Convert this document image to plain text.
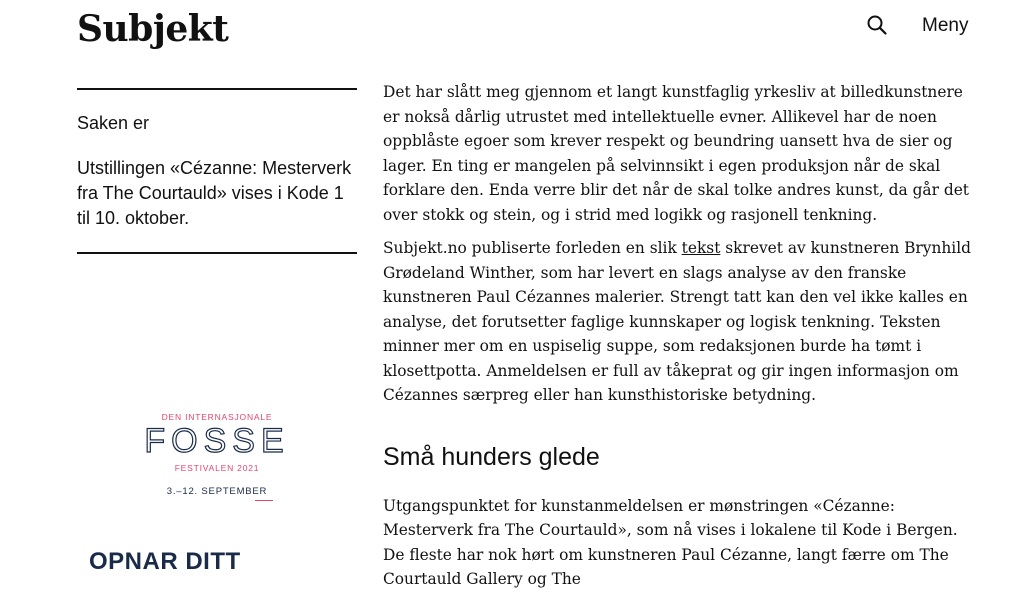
Subjekt	Meny
Saken er
Utstillingen «Cézanne: Mesterverk fra The Courtauld» vises i Kode 1 til 10. oktober.
DEN INTERNASJONALE
FOSSE
FESTIVALEN 2021
3.–12. SEPTEMBER
OPNAR DITT

Det har slått meg gjennom et langt kunstfaglig yrkesliv at billedkunstnere er nokså dårlig utrustet med intellektuelle evner. Allikevel har de noen oppblåste egoer som krever respekt og beundring uansett hva de sier og lager. En ting er mangelen på selvinnsikt i egen produksjon når de skal forklare den. Enda verre blir det når de skal tolke andres kunst, da går det over stokk og stein, og i strid med logikk og rasjonell tenkning.

Subjekt.no publiserte forleden en slik tekst skrevet av kunstneren Brynhild Grødeland Winther, som har levert en slags analyse av den franske kunstneren Paul Cézannes malerier. Strengt tatt kan den vel ikke kalles en analyse, det forutsetter faglige kunnskaper og logisk tenkning. Teksten minner mer om en uspiselig suppe, som redaksjonen burde ha tømt i klosettpotta. Anmeldelsen er full av tåkeprat og gir ingen informasjon om Cézannes særpreg eller han kunsthistoriske betydning.

Små hunders glede

Utgangspunktet for kunstanmeldelsen er mønstringen «Cézanne: Mesterverk fra The Courtauld», som nå vises i lokalene til Kode i Bergen. De fleste har nok hørt om kunstneren Paul Cézanne, langt færre om The Courtauld Gallery og The
